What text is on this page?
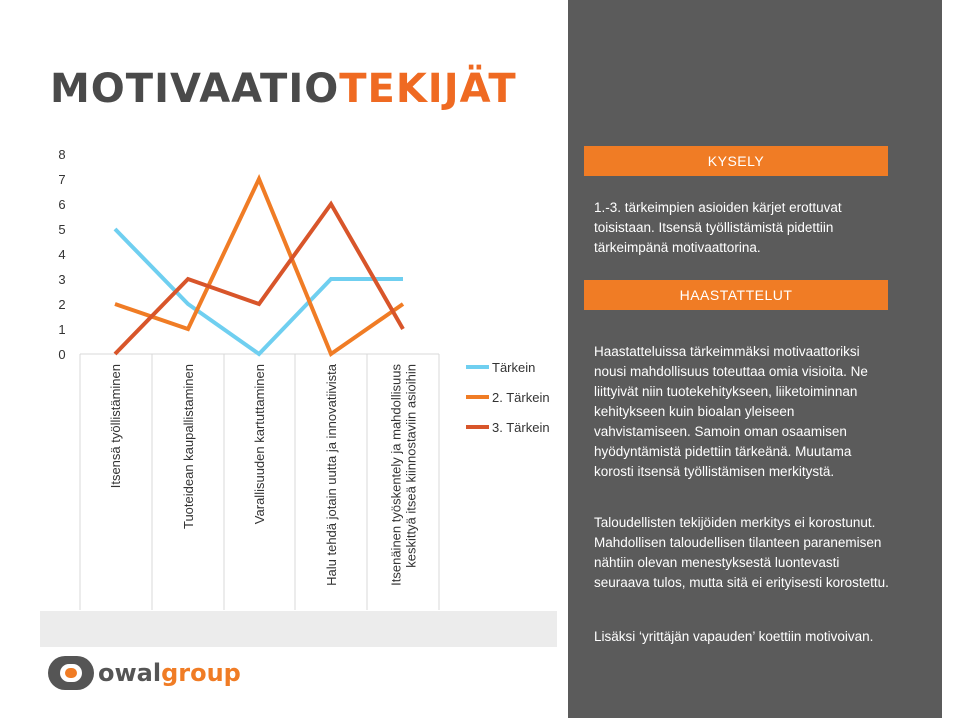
MOTIVAATIOTEKIJÄT
0
1
2
3
4
5
6
7
8
Itsensä työllistäminen	Tuoteidean kaupallistaminen	Varallisuuden kartuttaminen	Halu tehdä jotain uutta ja innovatiivista	Itsenäinen työskentely ja mahdollisuus keskittyä itseä kiinnostaviin asioihin	Tärkein
2. Tärkein
3. Tärkein
KYSELY
1.-3. tärkeimpien asioiden kärjet erottuvat toisistaan. Itsensä työllistämistä pidettiin tärkeimpänä motivaattorina.
HAASTATTELUT
Haastatteluissa tärkeimmäksi motivaattoriksi nousi mahdollisuus toteuttaa omia visioita. Ne liittyivät niin tuotekehitykseen, liiketoiminnan kehitykseen kuin bioalan yleiseen vahvistamiseen. Samoin oman osaamisen hyödyntämistä pidettiin tärkeänä. Muutama korosti itsensä työllistämisen merkitystä.
Taloudellisten tekijöiden merkitys ei korostunut. Mahdollisen taloudellisen tilanteen paranemisen nähtiin olevan menestyksestä luontevasti seuraava tulos, mutta sitä ei erityisesti korostettu.
Lisäksi ‘yrittäjän vapauden’ koettiin motivoivan.
owalgroup
